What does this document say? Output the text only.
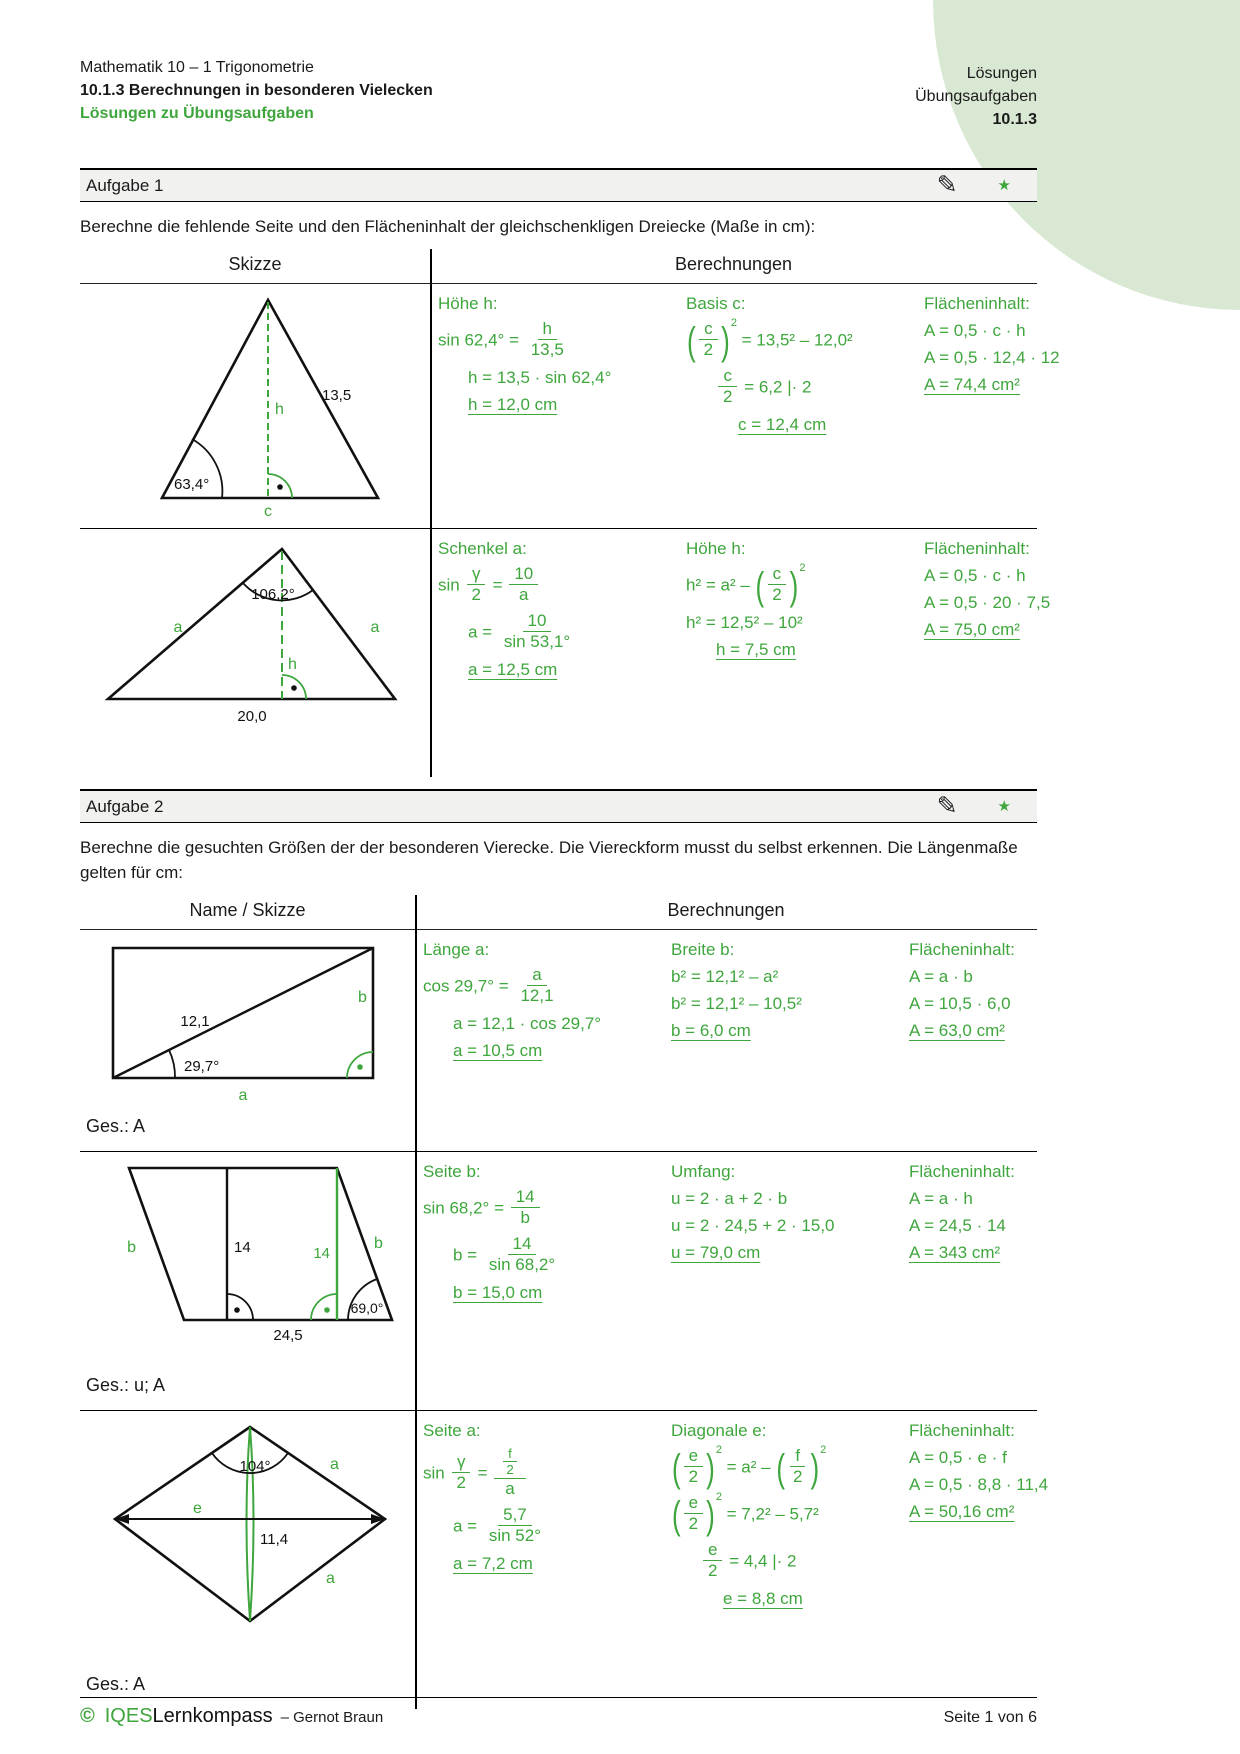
Mathematik 10 – 1 Trigonometrie
10.1.3 Berechnungen in besonderen Vielecken
Lösungen zu Übungsaufgaben
Lösungen
Übungsaufgaben
10.1.3
Aufgabe 1	✎	★
Berechne die fehlende Seite und den Flächeninhalt der gleichschenkligen Dreiecke (Maße in cm):
Skizze	Berechnungen
13,5
h
63,4°
c
Höhe h:
$\sin 62,4^\circ = \frac{h}{13,5}$
h = 13,5 · sin 62,4°
h = 12,0 cm
Basis c:
( $\frac{c}{2} )^2 = 13,5^2 - 12,0^2$
$\frac{c}{2} = 6,2$ |· 2
c = 12,4 cm
Flächeninhalt:
A = 0,5 · c · h
A = 0,5 · 12,4 · 12
A = 74,4 cm²
106,2°
a	a
h
20,0
Schenkel a:
$\sin \frac{\gamma}{2} = \frac{10}{a}$
$a = \frac{10}{\sin 53,1^\circ}$
a = 12,5 cm
Höhe h:
h² = a² – ( $\frac{c}{2} )^2$
h² = 12,5² – 10²
h = 7,5 cm
Flächeninhalt:
A = 0,5 · c · h
A = 0,5 · 20 · 7,5
A = 75,0 cm²
Aufgabe 2	✎	★
Berechne die gesuchten Größen der der besonderen Vierecke. Die Viereckform musst du selbst erkennen. Die Längenmaße gelten für cm:
Name / Skizze	Berechnungen
12,1
b
29,7°
a
Ges.: A
Länge a:
$\cos 29,7^\circ = \frac{a}{12,1}$
a = 12,1 · cos 29,7°
a = 10,5 cm
Breite b:
b² = 12,1² – a²
b² = 12,1² – 10,5²
b = 6,0 cm
Flächeninhalt:
A = a · b
A = 10,5 · 6,0
A = 63,0 cm²
b	14	14
b
69,0°
24,5
Ges.: u; A
Seite b:
$\sin 68,2^\circ = \frac{14}{b}$
$b = \frac{14}{\sin 68,2^\circ}$
b = 15,0 cm
Umfang:
u = 2 · a + 2 · b
u = 2 · 24,5 + 2 · 15,0
u = 79,0 cm
Flächeninhalt:
A = a · h
A = 24,5 · 14
A = 343 cm²
104°	a
a
e
11,4
Ges.: A
Seite a:
$\sin \frac{\gamma}{2} = \frac{\frac{f}{2}}{a}$
$a = \frac{5,7}{\sin 52^\circ}$
a = 7,2 cm
Diagonale e:
( $\frac{e}{2} )^2 = a^2$ – ( $\frac{f}{2} )^2$
( $\frac{e}{2} )^2 = 7,2^2 - 5,7^2$
$\frac{e}{2} = 4,4$ |· 2
e = 8,8 cm
Flächeninhalt:
A = 0,5 · e · f
A = 0,5 · 8,8 · 11,4
A = 50,16 cm²
© IQESLernkompass – Gernot Braun	Seite 1 von 6
